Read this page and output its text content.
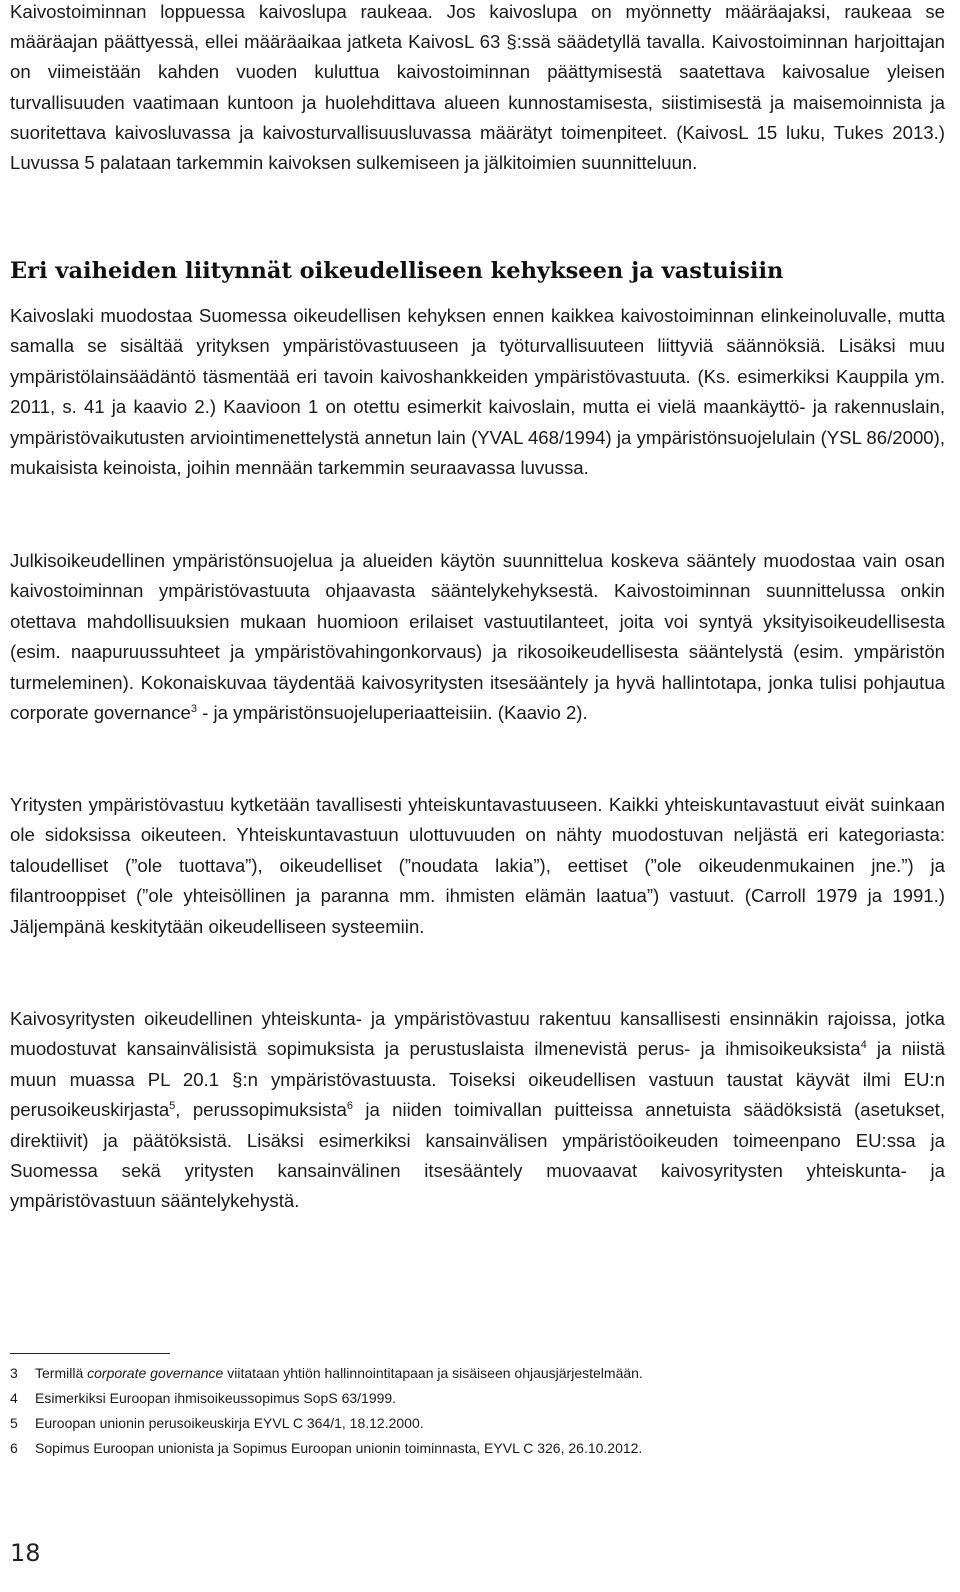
Kaivostoiminnan loppuessa kaivoslupa raukeaa. Jos kaivoslupa on myönnetty määräajaksi, raukeaa se määräajan päättyessä, ellei määräaikaa jatketa KaivosL 63 §:ssä säädetyllä tavalla. Kaivostoiminnan harjoittajan on viimeistään kahden vuoden kuluttua kaivostoiminnan päättymisestä saatettava kaivosalue yleisen turvallisuuden vaatimaan kuntoon ja huolehdittava alueen kunnostamisesta, siistimisestä ja maisemoinnista ja suoritettava kaivosluvassa ja kaivosturvallisuusluvassa määrätyt toimenpiteet. (KaivosL 15 luku, Tukes 2013.) Luvussa 5 palataan tarkemmin kaivoksen sulkemiseen ja jälkitoimien suunnitteluun.

Eri vaiheiden liitynnät oikeudelliseen kehykseen ja vastuisiin

Kaivoslaki muodostaa Suomessa oikeudellisen kehyksen ennen kaikkea kaivostoiminnan elinkeinoluvalle, mutta samalla se sisältää yrityksen ympäristövastuuseen ja työturvallisuuteen liittyviä säännöksiä. Lisäksi muu ympäristölainsäädäntö täsmentää eri tavoin kaivoshankkeiden ympäristövastuuta. (Ks. esimerkiksi Kauppila ym. 2011, s. 41 ja kaavio 2.) Kaavioon 1 on otettu esimerkit kaivoslain, mutta ei vielä maankäyttö- ja rakennuslain, ympäristövaikutusten arviointimenettelystä annetun lain (YVAL 468/1994) ja ympäristönsuojelulain (YSL 86/2000), mukaisista keinoista, joihin mennään tarkemmin seuraavassa luvussa.

Julkisoikeudellinen ympäristönsuojelua ja alueiden käytön suunnittelua koskeva sääntely muodostaa vain osan kaivostoiminnan ympäristövastuuta ohjaavasta sääntelykehyksestä. Kaivostoiminnan suunnittelussa onkin otettava mahdollisuuksien mukaan huomioon erilaiset vastuutilanteet, joita voi syntyä yksityisoikeudellisesta (esim. naapuruussuhteet ja ympäristövahingonkorvaus) ja rikosoikeudellisesta sääntelystä (esim. ympäristön turmeleminen). Kokonaiskuvaa täydentää kaivosyritysten itsesääntely ja hyvä hallintotapa, jonka tulisi pohjautua corporate governance$^3$ - ja ympäristönsuojeluperiaatteisiin. (Kaavio 2).

Yritysten ympäristövastuu kytketään tavallisesti yhteiskuntavastuuseen. Kaikki yhteiskuntavastuut eivät suinkaan ole sidoksissa oikeuteen. Yhteiskuntavastuun ulottuvuuden on nähty muodostuvan neljästä eri kategoriasta: taloudelliset (”ole tuottava”), oikeudelliset (”noudata lakia”), eettiset (”ole oikeudenmukainen jne.”) ja filantrooppiset (”ole yhteisöllinen ja paranna mm. ihmisten elämän laatua”) vastuut. (Carroll 1979 ja 1991.) Jäljempänä keskitytään oikeudelliseen systeemiin.

Kaivosyritysten oikeudellinen yhteiskunta- ja ympäristövastuu rakentuu kansallisesti ensinnäkin rajoissa, jotka muodostuvat kansainvälisistä sopimuksista ja perustuslaista ilmenevistä perus- ja ihmisoikeuksista$^4$ ja niistä muun muassa PL 20.1 §:n ympäristövastuusta. Toiseksi oikeudellisen vastuun taustat käyvät ilmi EU:n perusoikeuskirjasta$^5$, perussopimuksista$^6$ ja niiden toimivallan puitteissa annetuista säädöksistä (asetukset, direktiivit) ja päätöksistä. Lisäksi esimerkiksi kansainvälisen ympäristöoikeuden toimeenpano EU:ssa ja Suomessa sekä yritysten kansainvälinen itsesääntely muovaavat kaivosyritysten yhteiskunta- ja ympäristövastuun sääntelykehystä.

3 Termillä corporate governance viitataan yhtiön hallinnointitapaan ja sisäiseen ohjausjärjestelmään.
4 Esimerkiksi Euroopan ihmisoikeussopimus SopS 63/1999.
5 Euroopan unionin perusoikeuskirja EYVL C 364/1, 18.12.2000.
6 Sopimus Euroopan unionista ja Sopimus Euroopan unionin toiminnasta, EYVL C 326, 26.10.2012.
18
